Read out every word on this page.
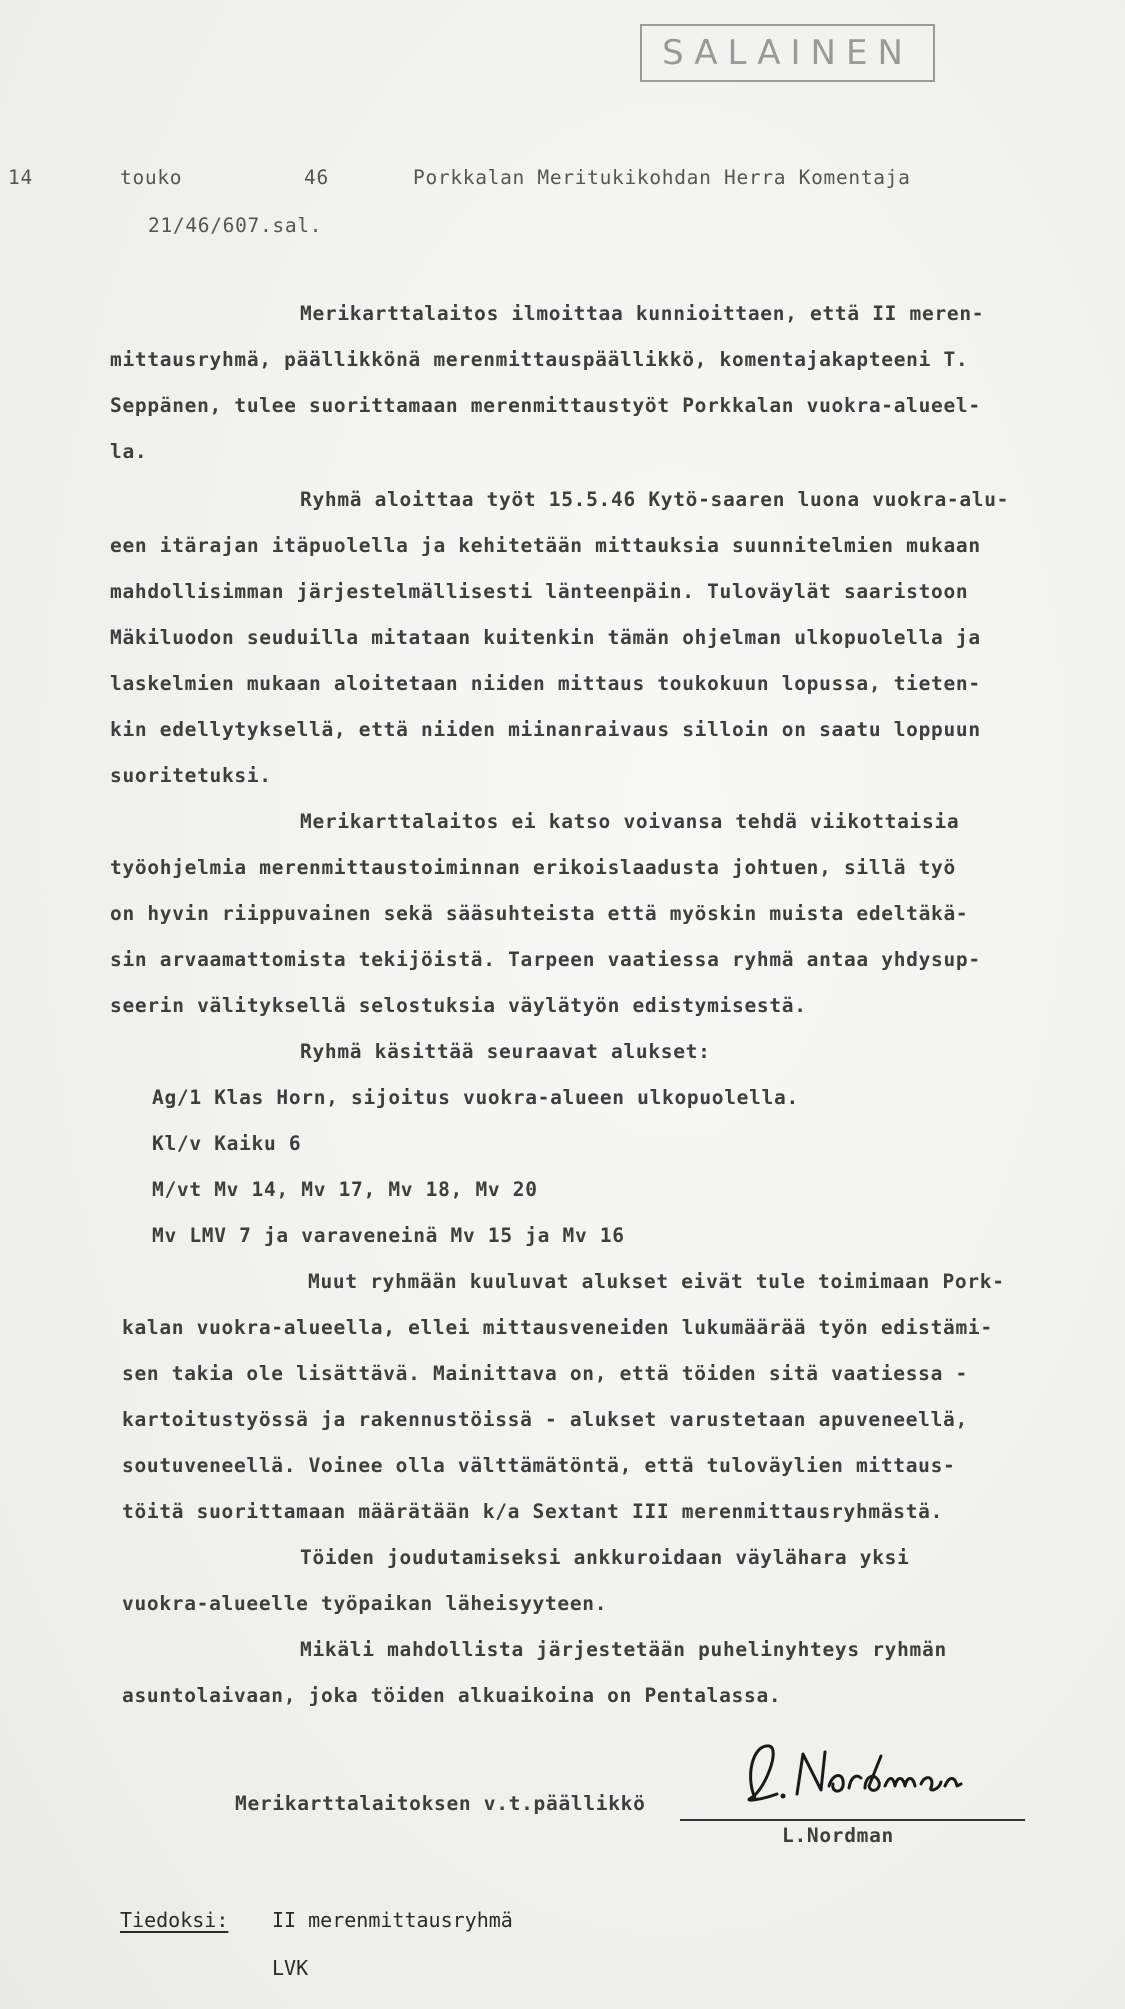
SALAINEN
14	touko	46	Porkkalan Meritukikohdan Herra Komentaja
21/46/607.sal.
Merikarttalaitos ilmoittaa kunnioittaen, että II meren-
mittausryhmä, päällikkönä merenmittauspäällikkö, komentajakapteeni T.
Seppänen, tulee suorittamaan merenmittaustyöt Porkkalan vuokra-alueel-
la.
Ryhmä aloittaa työt 15.5.46 Kytö-saaren luona vuokra-alu-
een itärajan itäpuolella ja kehitetään mittauksia suunnitelmien mukaan
mahdollisimman järjestelmällisesti länteenpäin. Tuloväylät saaristoon
Mäkiluodon seuduilla mitataan kuitenkin tämän ohjelman ulkopuolella ja
laskelmien mukaan aloitetaan niiden mittaus toukokuun lopussa, tieten-
kin edellytyksellä, että niiden miinanraivaus silloin on saatu loppuun
suoritetuksi.
Merikarttalaitos ei katso voivansa tehdä viikottaisia
työohjelmia merenmittaustoiminnan erikoislaadusta johtuen, sillä työ
on hyvin riippuvainen sekä sääsuhteista että myöskin muista edeltäkä-
sin arvaamattomista tekijöistä. Tarpeen vaatiessa ryhmä antaa yhdysup-
seerin välityksellä selostuksia väylätyön edistymisestä.
Ryhmä käsittää seuraavat alukset:
Ag/1 Klas Horn, sijoitus vuokra-alueen ulkopuolella.
Kl/v Kaiku 6
M/vt Mv 14, Mv 17, Mv 18, Mv 20
Mv LMV 7 ja varaveneinä Mv 15 ja Mv 16
Muut ryhmään kuuluvat alukset eivät tule toimimaan Pork-
kalan vuokra-alueella, ellei mittausveneiden lukumäärää työn edistämi-
sen takia ole lisättävä. Mainittava on, että töiden sitä vaatiessa -
kartoitustyössä ja rakennustöissä - alukset varustetaan apuveneellä,
soutuveneellä. Voinee olla välttämätöntä, että tuloväylien mittaus-
töitä suorittamaan määrätään k/a Sextant III merenmittausryhmästä.
Töiden joudutamiseksi ankkuroidaan väylähara yksi
vuokra-alueelle työpaikan läheisyyteen.
Mikäli mahdollista järjestetään puhelinyhteys ryhmän
asuntolaivaan, joka töiden alkuaikoina on Pentalassa.
Merikarttalaitoksen v.t.päällikkö
L.Nordman
Tiedoksi: II merenmittausryhmä
LVK
